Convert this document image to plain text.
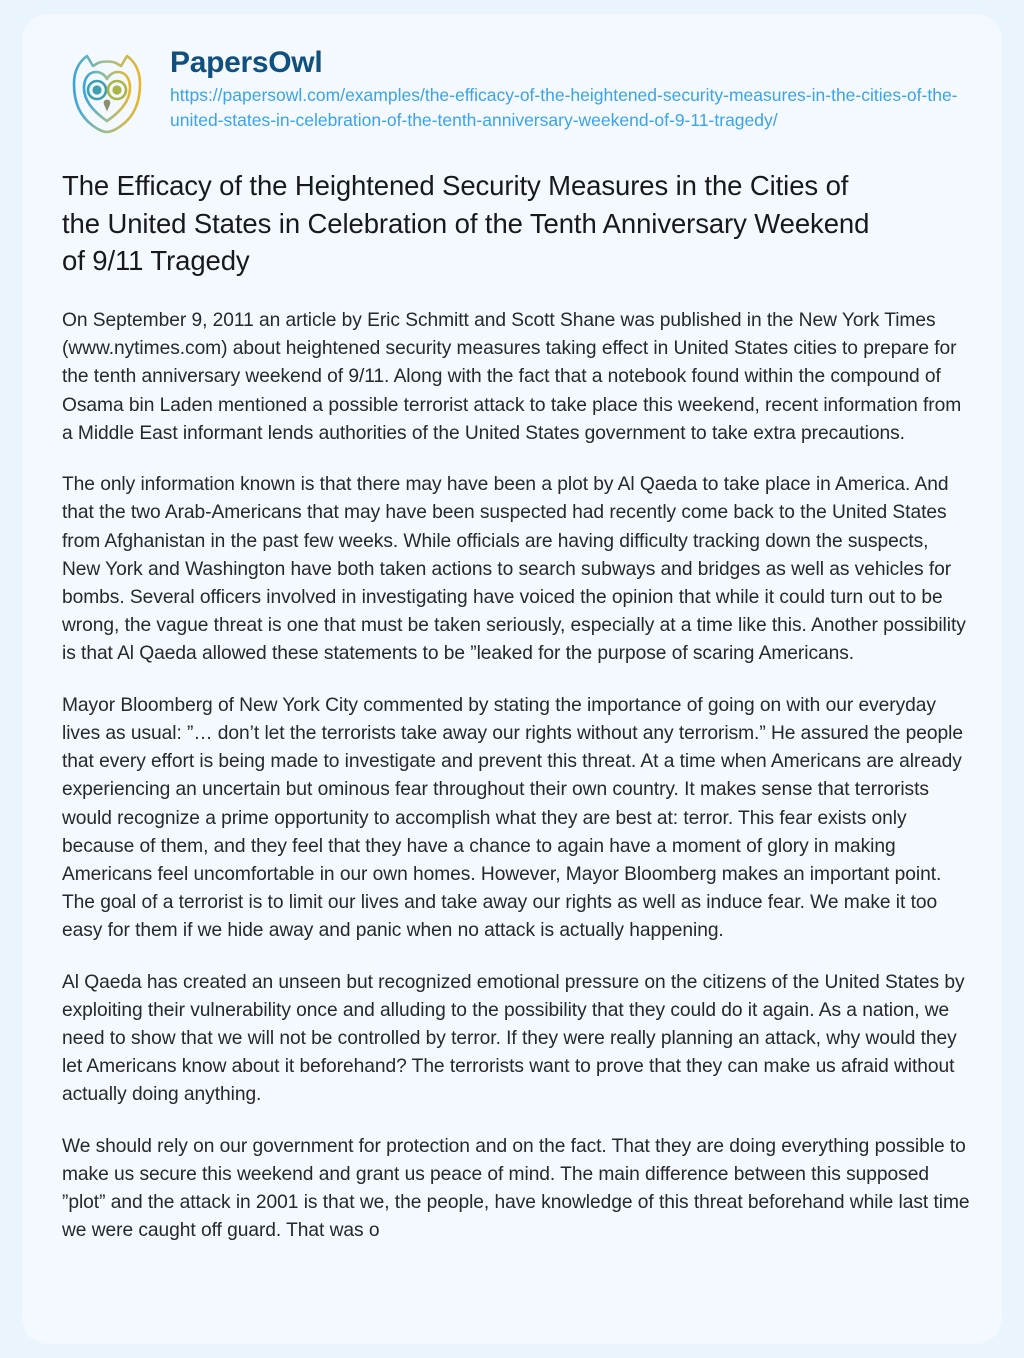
PapersOwl
https://papersowl.com/examples/the-efficacy-of-the-heightened-security-measures-in-the-cities-of-the-united-states-in-celebration-of-the-tenth-anniversary-weekend-of-9-11-tragedy/
The Efficacy of the Heightened Security Measures in the Cities of the United States in Celebration of the Tenth Anniversary Weekend of 9/11 Tragedy

On September 9, 2011 an article by Eric Schmitt and Scott Shane was published in the New York Times (www.nytimes.com) about heightened security measures taking effect in United States cities to prepare for the tenth anniversary weekend of 9/11. Along with the fact that a notebook found within the compound of Osama bin Laden mentioned a possible terrorist attack to take place this weekend, recent information from a Middle East informant lends authorities of the United States government to take extra precautions.

The only information known is that there may have been a plot by Al Qaeda to take place in America. And that the two Arab-Americans that may have been suspected had recently come back to the United States from Afghanistan in the past few weeks. While officials are having difficulty tracking down the suspects, New York and Washington have both taken actions to search subways and bridges as well as vehicles for bombs. Several officers involved in investigating have voiced the opinion that while it could turn out to be wrong, the vague threat is one that must be taken seriously, especially at a time like this. Another possibility is that Al Qaeda allowed these statements to be ”leaked for the purpose of scaring Americans.

Mayor Bloomberg of New York City commented by stating the importance of going on with our everyday lives as usual: ”… don’t let the terrorists take away our rights without any terrorism.” He assured the people that every effort is being made to investigate and prevent this threat. At a time when Americans are already experiencing an uncertain but ominous fear throughout their own country. It makes sense that terrorists would recognize a prime opportunity to accomplish what they are best at: terror. This fear exists only because of them, and they feel that they have a chance to again have a moment of glory in making Americans feel uncomfortable in our own homes. However, Mayor Bloomberg makes an important point. The goal of a terrorist is to limit our lives and take away our rights as well as induce fear. We make it too easy for them if we hide away and panic when no attack is actually happening.

Al Qaeda has created an unseen but recognized emotional pressure on the citizens of the United States by exploiting their vulnerability once and alluding to the possibility that they could do it again. As a nation, we need to show that we will not be controlled by terror. If they were really planning an attack, why would they let Americans know about it beforehand? The terrorists want to prove that they can make us afraid without actually doing anything.

We should rely on our government for protection and on the fact. That they are doing everything possible to make us secure this weekend and grant us peace of mind. The main difference between this supposed ”plot” and the attack in 2001 is that we, the people, have knowledge of this threat beforehand while last time we were caught off guard. That was o
